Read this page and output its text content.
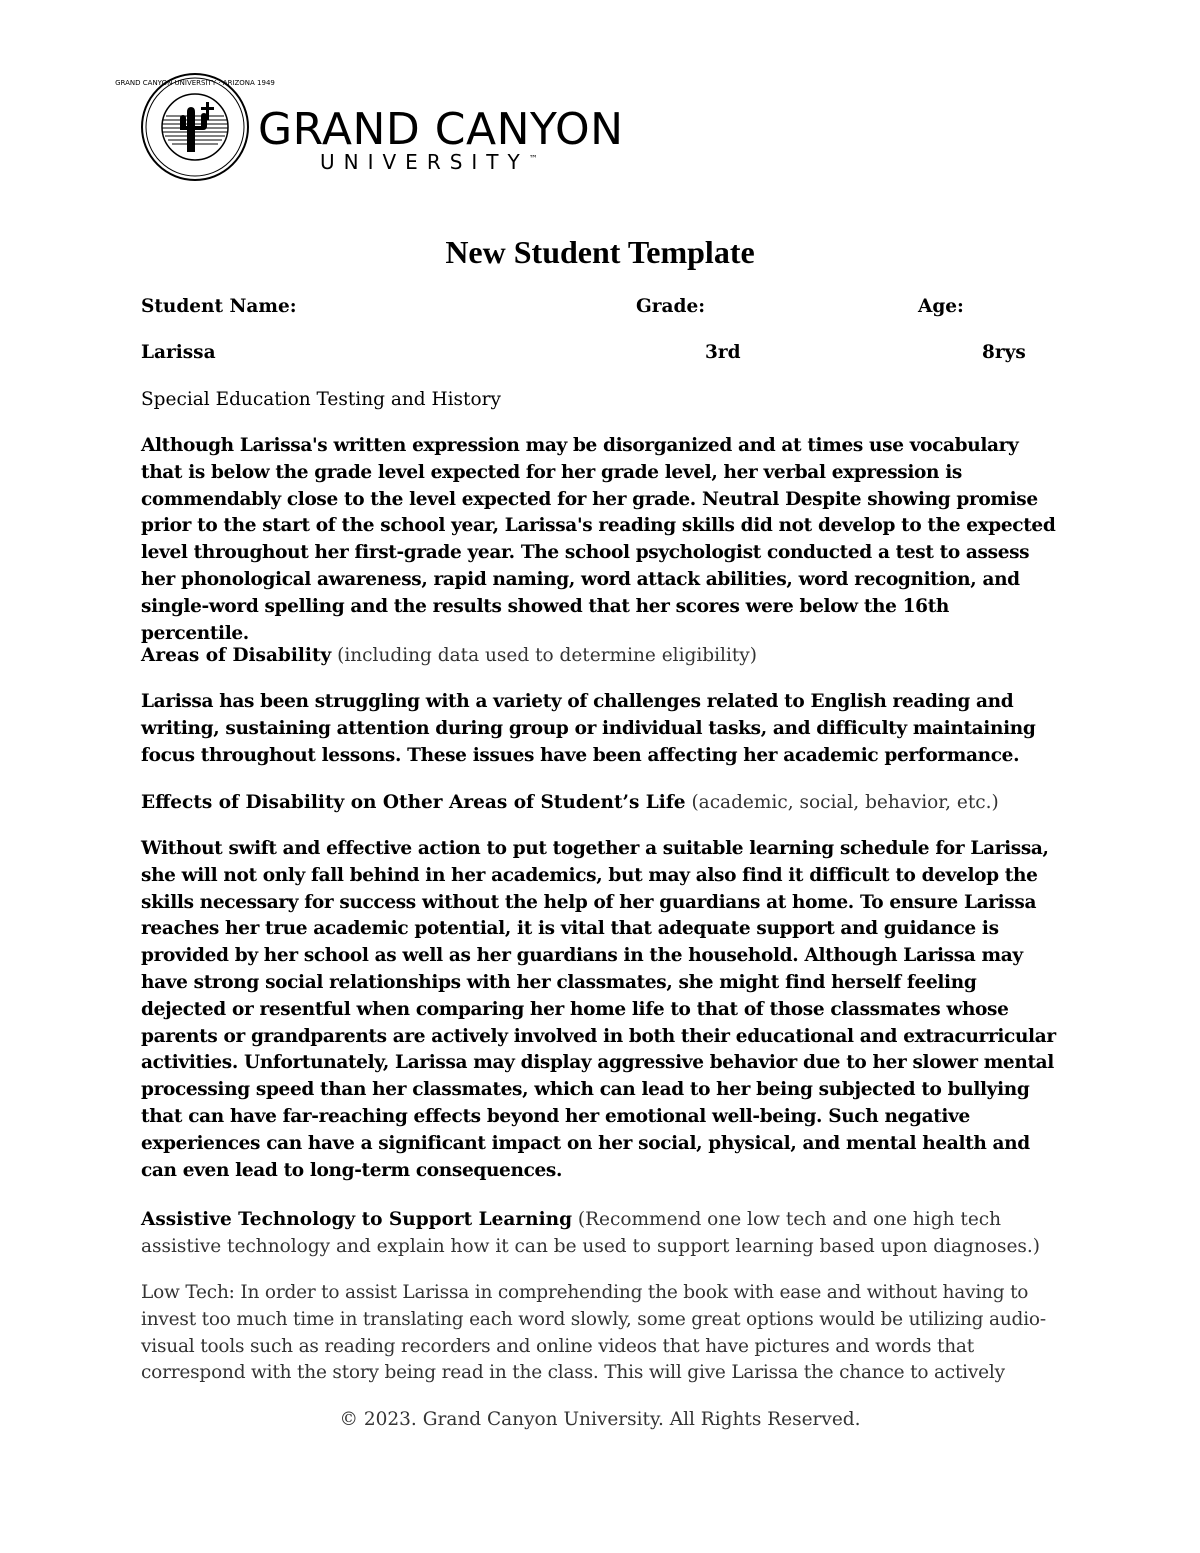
GRAND CANYON UNIVERSITY · ARIZONA 1949
GRAND CANYON
UNIVERSITY™
New Student Template
Student Name:	Grade:	Age:
Larissa	3rd	8rys
Special Education Testing and History
Although Larissa's written expression may be disorganized and at times use vocabulary that is below the grade level expected for her grade level, her verbal expression is commendably close to the level expected for her grade. Neutral Despite showing promise prior to the start of the school year, Larissa's reading skills did not develop to the expected level throughout her first-grade year. The school psychologist conducted a test to assess her phonological awareness, rapid naming, word attack abilities, word recognition, and single-word spelling and the results showed that her scores were below the 16th percentile.
Areas of Disability (including data used to determine eligibility)
Larissa has been struggling with a variety of challenges related to English reading and writing, sustaining attention during group or individual tasks, and difficulty maintaining focus throughout lessons. These issues have been affecting her academic performance.
Effects of Disability on Other Areas of Student’s Life (academic, social, behavior, etc.)
Without swift and effective action to put together a suitable learning schedule for Larissa, she will not only fall behind in her academics, but may also find it difficult to develop the skills necessary for success without the help of her guardians at home. To ensure Larissa reaches her true academic potential, it is vital that adequate support and guidance is provided by her school as well as her guardians in the household. Although Larissa may have strong social relationships with her classmates, she might find herself feeling dejected or resentful when comparing her home life to that of those classmates whose parents or grandparents are actively involved in both their educational and extracurricular activities. Unfortunately, Larissa may display aggressive behavior due to her slower mental processing speed than her classmates, which can lead to her being subjected to bullying that can have far-reaching effects beyond her emotional well-being. Such negative experiences can have a significant impact on her social, physical, and mental health and can even lead to long-term consequences.
Assistive Technology to Support Learning (Recommend one low tech and one high tech assistive technology and explain how it can be used to support learning based upon diagnoses.)
Low Tech: In order to assist Larissa in comprehending the book with ease and without having to invest too much time in translating each word slowly, some great options would be utilizing audio-visual tools such as reading recorders and online videos that have pictures and words that correspond with the story being read in the class. This will give Larissa the chance to actively
© 2023. Grand Canyon University. All Rights Reserved.
